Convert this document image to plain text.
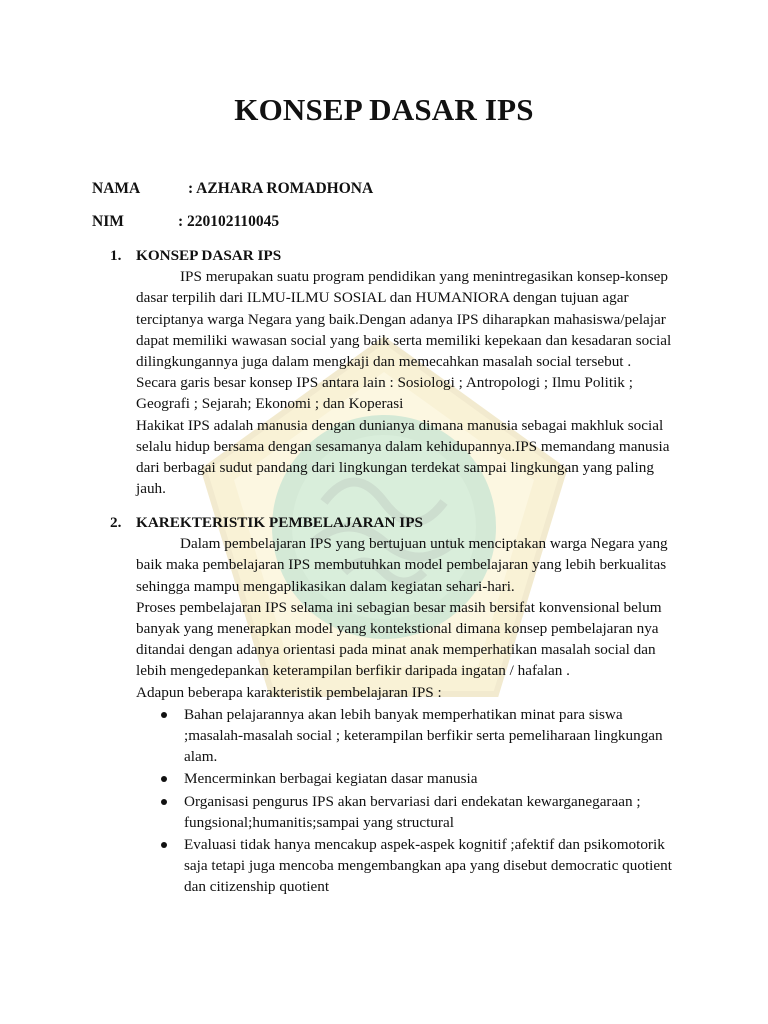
KONSEP DASAR IPS
NAMA	: AZHARA ROMADHONA
NIM	: 220102110045
1. KONSEP DASAR IPS
IPS merupakan suatu program pendidikan yang menintregasikan konsep-konsep dasar terpilih dari ILMU-ILMU SOSIAL dan HUMANIORA dengan tujuan agar terciptanya warga Negara yang baik.Dengan adanya IPS diharapkan mahasiswa/pelajar dapat memiliki wawasan social yang baik serta memiliki kepekaan dan kesadaran social dilingkungannya juga dalam mengkaji dan memecahkan masalah social tersebut .
Secara garis besar konsep IPS antara lain : Sosiologi ; Antropologi ; Ilmu Politik ; Geografi ; Sejarah; Ekonomi ; dan Koperasi
Hakikat IPS adalah manusia dengan dunianya dimana manusia sebagai makhluk social selalu hidup bersama dengan sesamanya dalam kehidupannya.IPS memandang manusia dari berbagai sudut pandang dari lingkungan terdekat sampai lingkungan yang paling jauh.
2. KAREKTERISTIK PEMBELAJARAN IPS
Dalam pembelajaran IPS yang bertujuan untuk menciptakan warga Negara yang baik maka pembelajaran IPS membutuhkan model pembelajaran yang lebih berkualitas sehingga mampu mengaplikasikan dalam kegiatan sehari-hari.
Proses pembelajaran IPS selama ini sebagian besar masih bersifat konvensional belum banyak yang menerapkan model yang kontekstional dimana konsep pembelajaran nya ditandai dengan adanya orientasi pada minat anak memperhatikan masalah social dan lebih mengedepankan keterampilan berfikir daripada ingatan / hafalan .
Adapun beberapa karakteristik pembelajaran IPS :
Bahan pelajarannya akan lebih banyak memperhatikan minat para siswa ;masalah-masalah social ; keterampilan berfikir serta pemeliharaan lingkungan alam.
Mencerminkan berbagai kegiatan dasar manusia
Organisasi pengurus IPS akan bervariasi dari endekatan kewarganegaraan ; fungsional;humanitis;sampai yang structural
Evaluasi tidak hanya mencakup aspek-aspek kognitif ;afektif dan psikomotorik saja tetapi juga mencoba mengembangkan apa yang disebut democratic quotient dan citizenship quotient
